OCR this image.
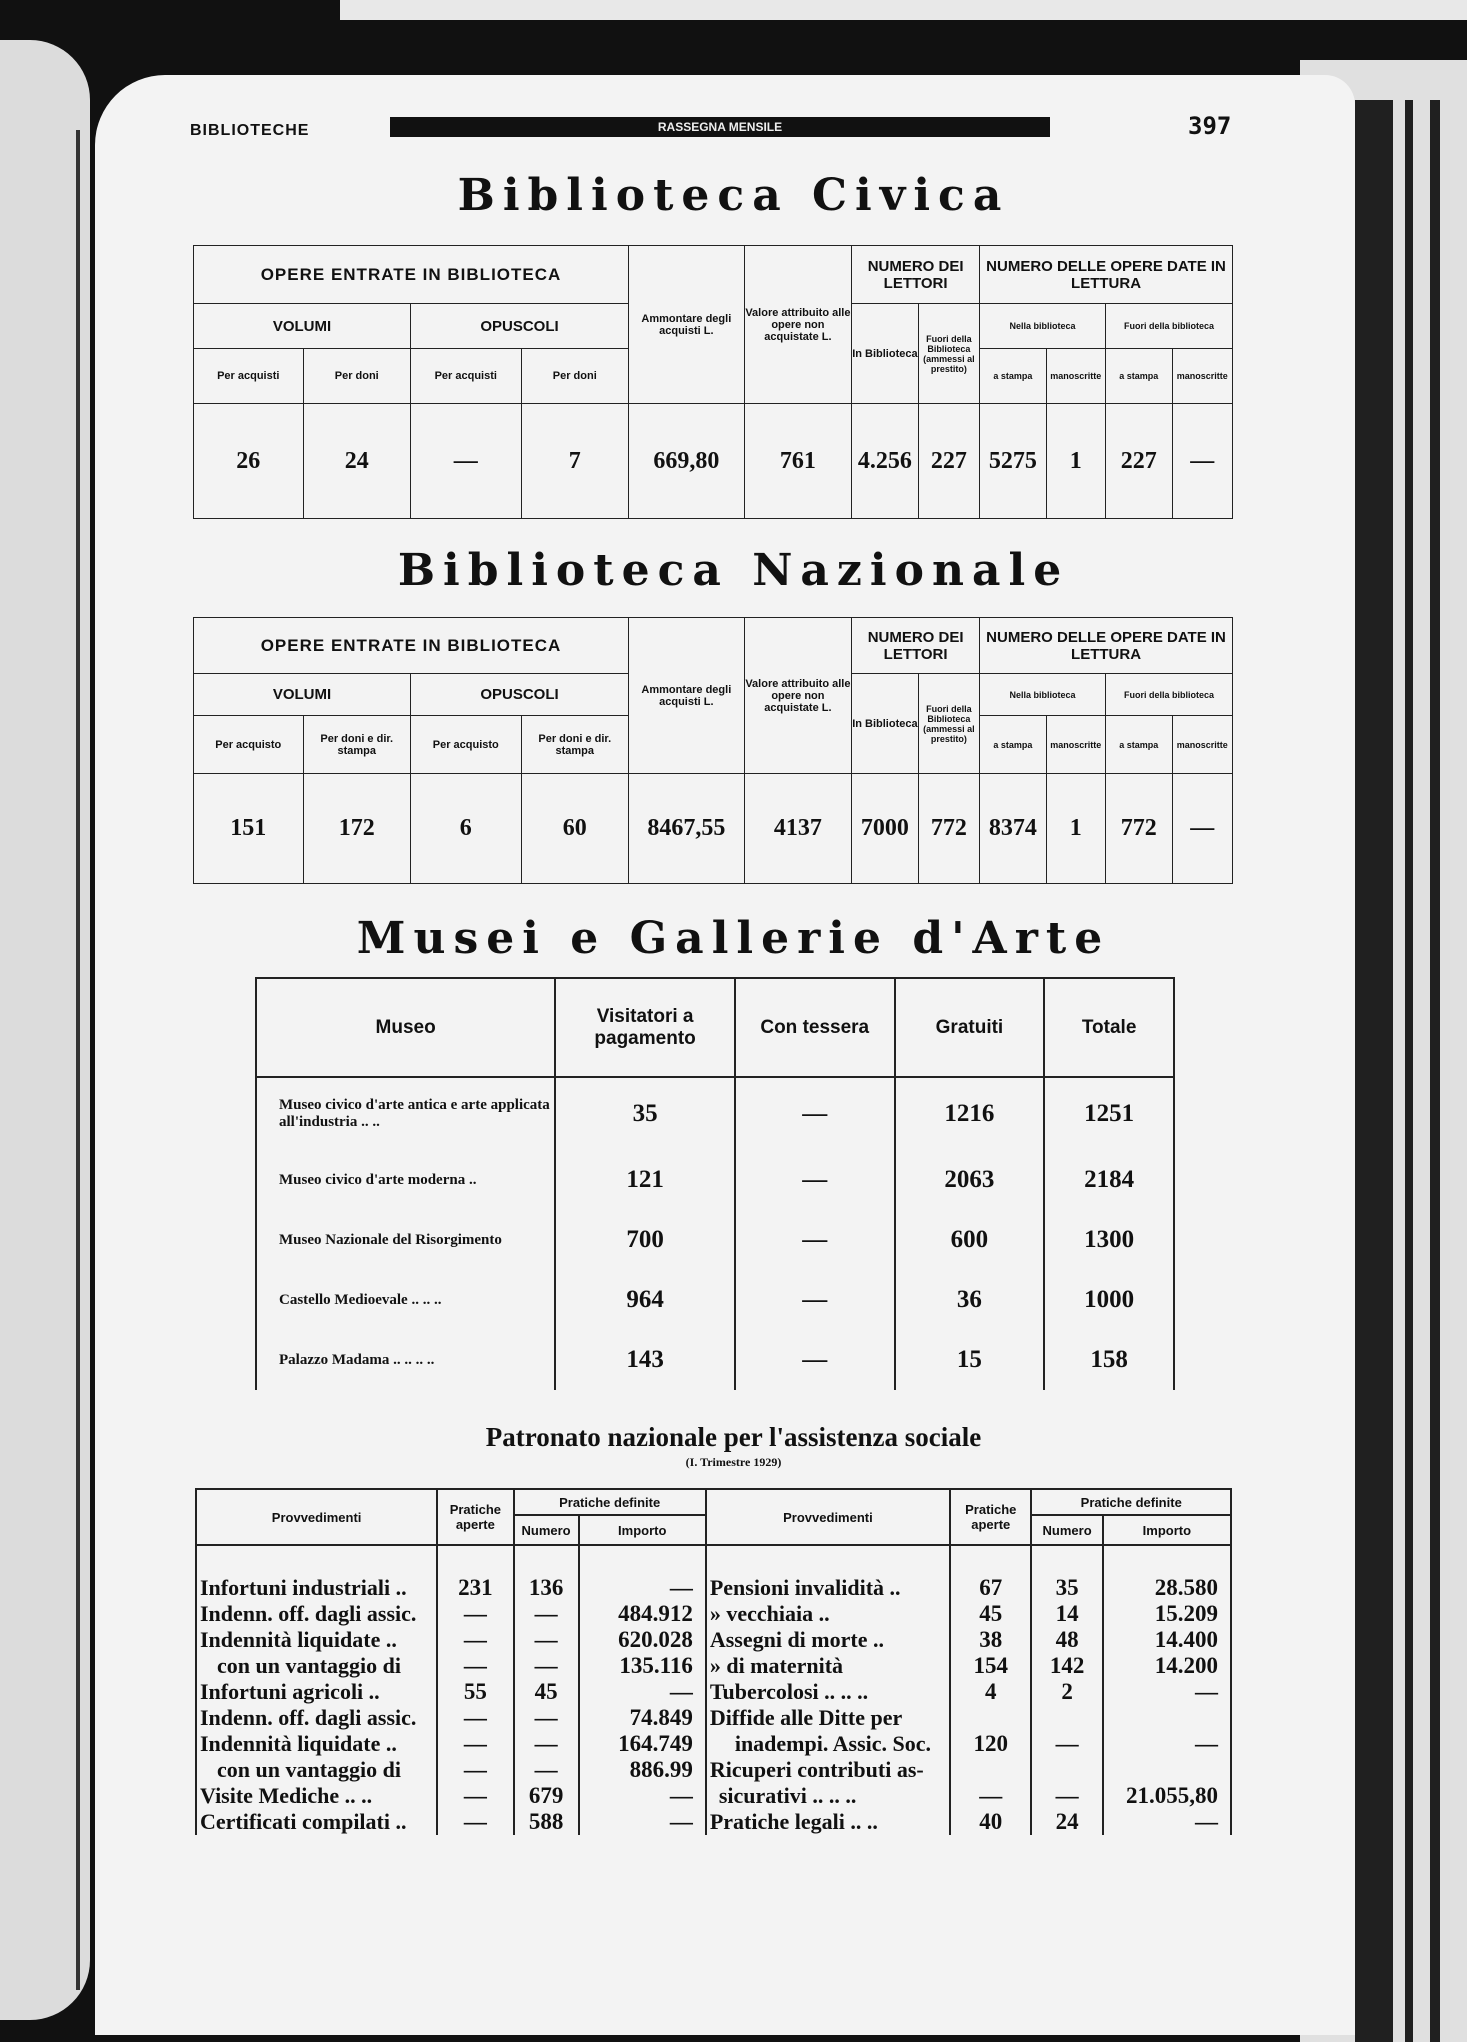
BIBLIOTECHE	RASSEGNA MENSILE	397
Biblioteca Civica
OPERE ENTRATE IN BIBLIOTECA				Ammontare degli acquisti L.	Valore attribuito alle opere non acquistate L.	NUMERO DEI LETTORI		NUMERO DELLE OPERE DATE IN LETTURA			
VOLUMI		OPUSCOLI				In Biblioteca	Fuori della Biblioteca (ammessi al prestito)	Nella biblioteca		Fuori della biblioteca	
Per acquisti	Per doni	Per acquisti	Per doni					a stampa	manoscritte	a stampa	manoscritte
26	24	—	7	669,80	761	4.256	227	5275	1	227	—
Biblioteca Nazionale
OPERE ENTRATE IN BIBLIOTECA				Ammontare degli acquisti L.	Valore attribuito alle opere non acquistate L.	NUMERO DEI LETTORI		NUMERO DELLE OPERE DATE IN LETTURA			
VOLUMI		OPUSCOLI				In Biblioteca	Fuori della Biblioteca (ammessi al prestito)	Nella biblioteca		Fuori della biblioteca	
Per acquisto	Per doni e dir. stampa	Per acquisto	Per doni e dir. stampa					a stampa	manoscritte	a stampa	manoscritte
151	172	6	60	8467,55	4137	7000	772	8374	1	772	—
Musei e Gallerie d'Arte
Museo	Visitatori a pagamento	Con tessera	Gratuiti	Totale
Museo civico d'arte antica e arte applicata all'industria .. ..	35	—	1216	1251
Museo civico d'arte moderna ..	121	—	2063	2184
Museo Nazionale del Risorgimento	700	—	600	1300
Castello Medioevale .. .. ..	964	—	36	1000
Palazzo Madama .. .. .. ..	143	—	15	158
Patronato nazionale per l'assistenza sociale
(I. Trimestre 1929)
Provvedimenti	Pratiche aperte	Pratiche definite		Provvedimenti	Pratiche aperte	Pratiche definite	
		Numero	Importo			Numero	Importo

Infortuni industriali ..	231	136	—	Pensioni invalidità ..	67	35	28.580
Indenn. off. dagli assic.	—	—	484.912	» vecchiaia ..	45	14	15.209
Indennità liquidate ..	—	—	620.028	Assegni di morte ..	38	48	14.400
con un vantaggio di	—	—	135.116	» di maternità	154	142	14.200
Infortuni agricoli ..	55	45	—	Tubercolosi .. .. ..	4	2	—
Indenn. off. dagli assic.	—	—	74.849	Diffide alle Ditte per			
Indennità liquidate ..	—	—	164.749	inadempi. Assic. Soc.	120	—	—
con un vantaggio di	—	—	886.99	Ricuperi contributi as-			
Visite Mediche .. ..	—	679	—	sicurativi .. .. ..	—	—	21.055,80
Certificati compilati ..	—	588	—	Pratiche legali .. ..	40	24	—
